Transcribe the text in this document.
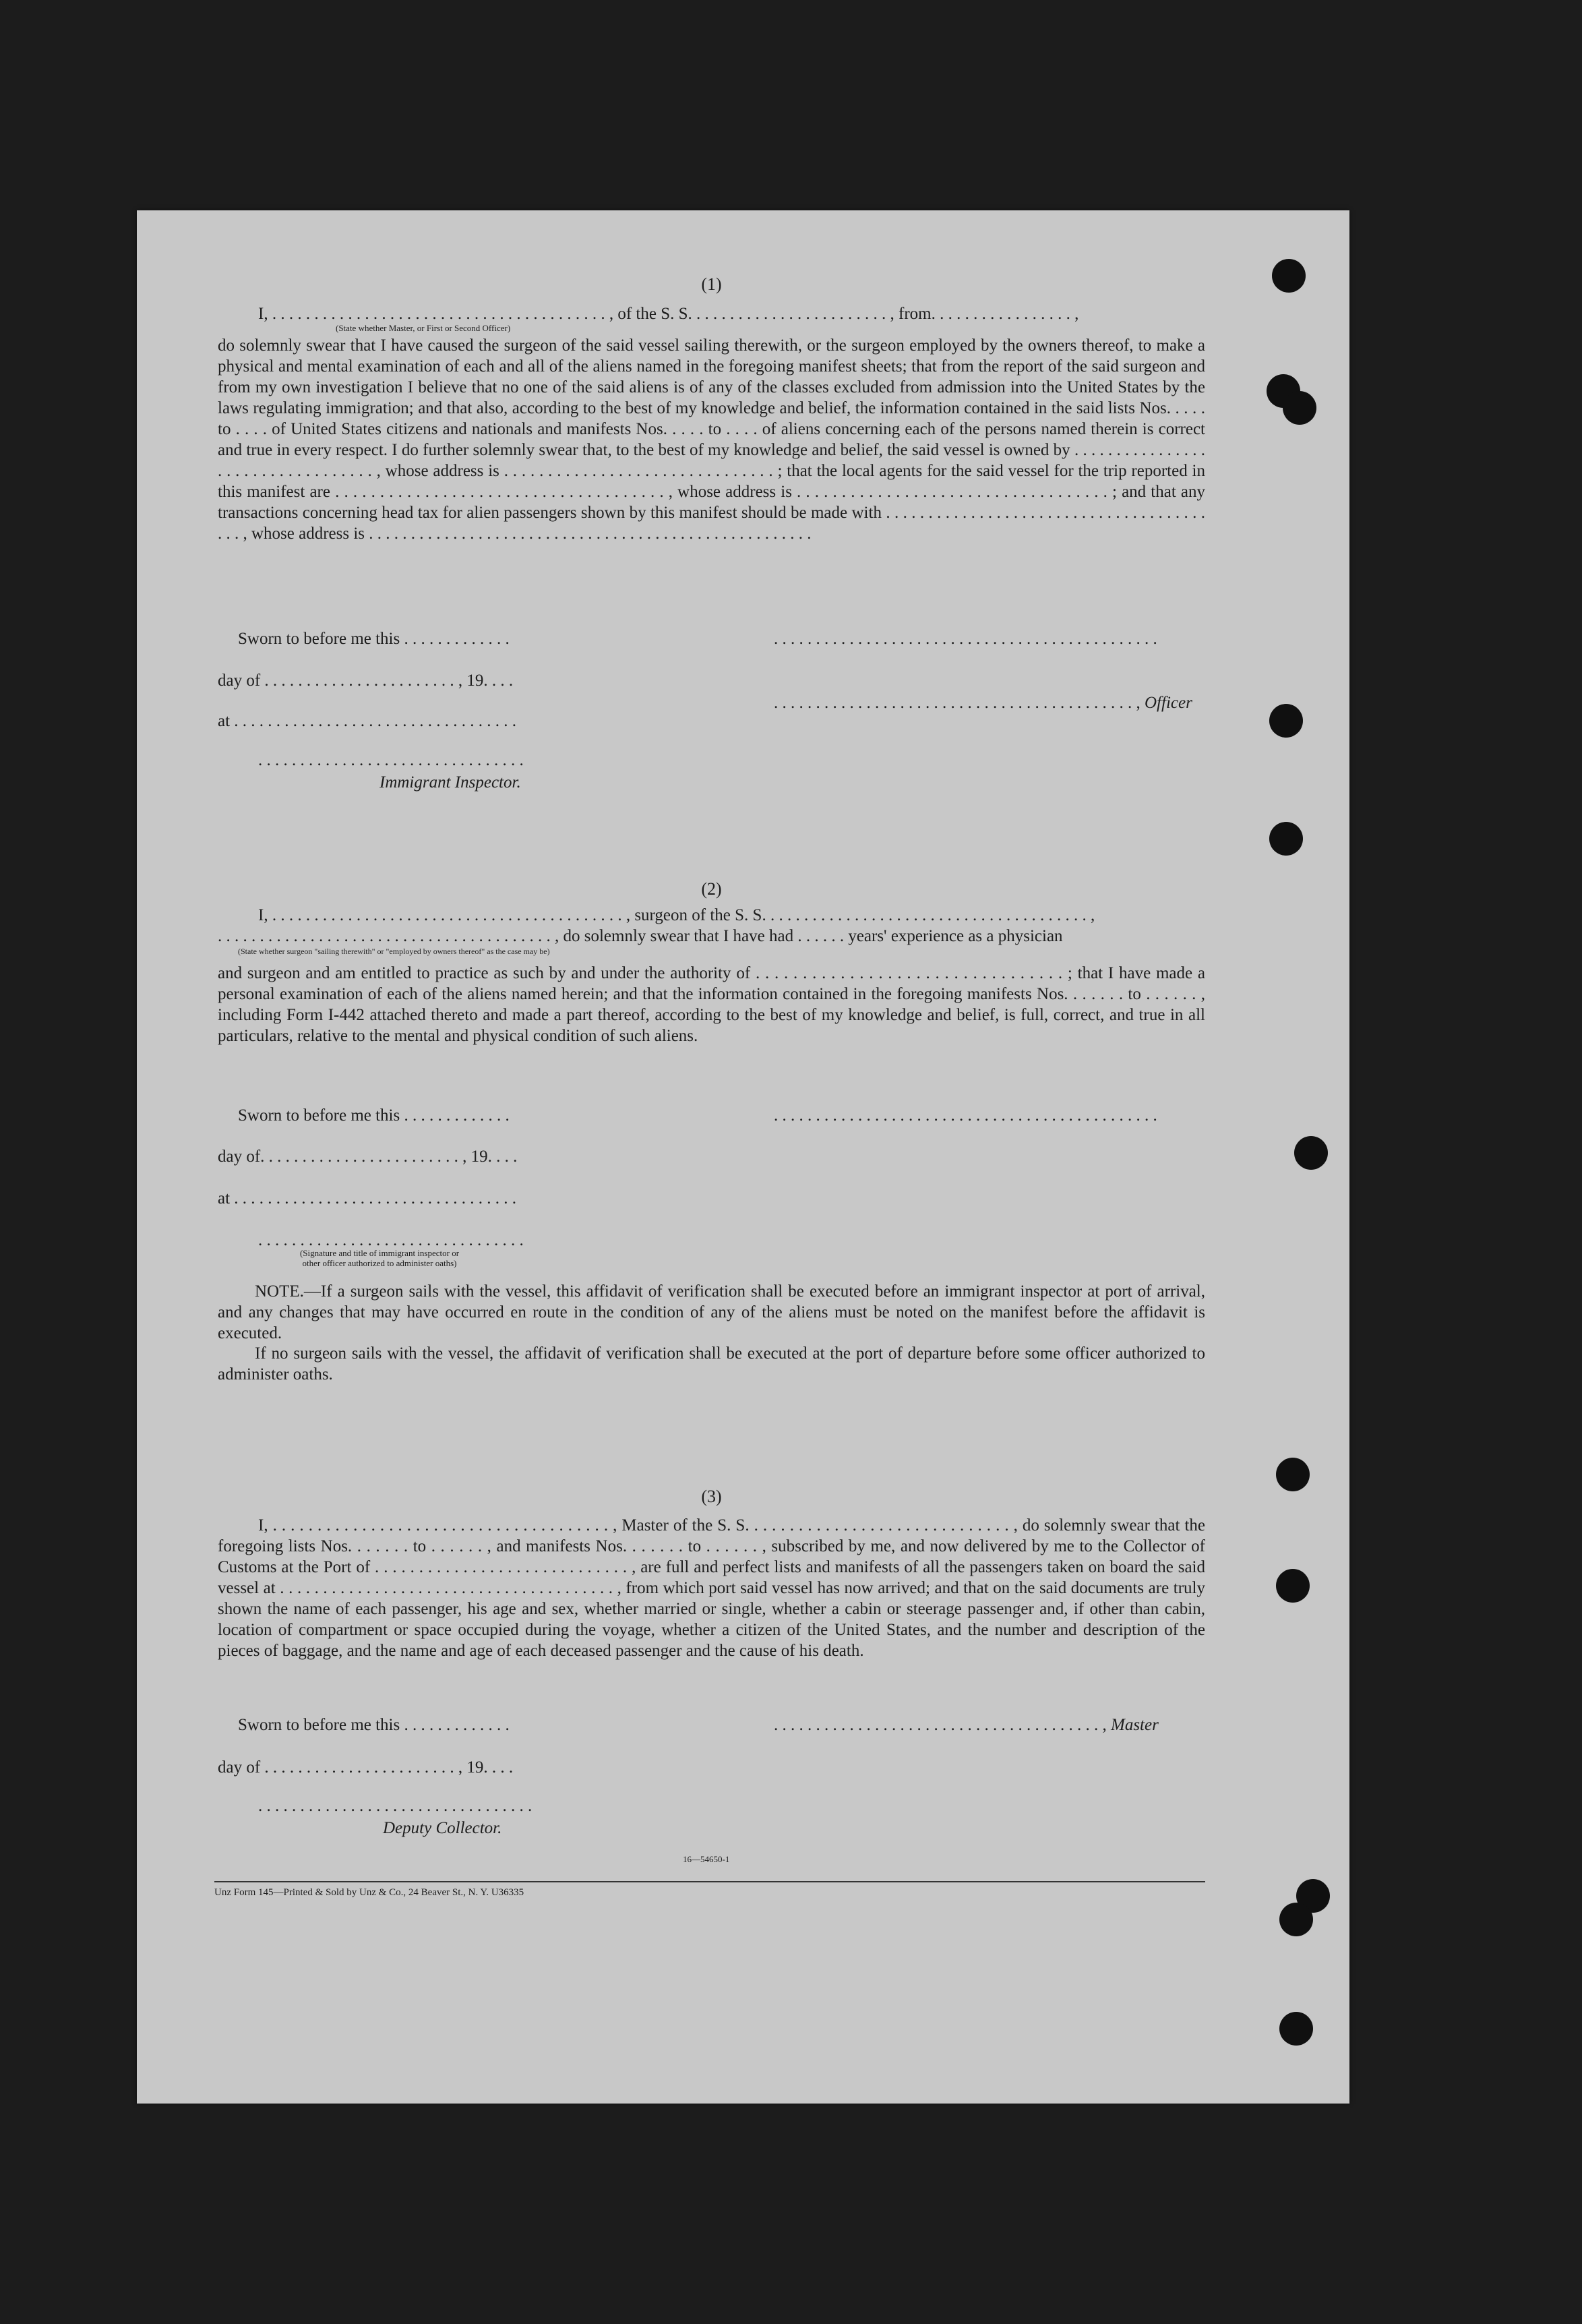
(1)
I, . . . . . . . . . . . . . . . . . . . . . . . . . . . . . . . . . . . . . . . . , of the S. S. . . . . . . . . . . . . . . . . . . . . . . . , from. . . . . . . . . . . . . . . . . ,
(State whether Master, or First or Second Officer)
do solemnly swear that I have caused the surgeon of the said vessel sailing therewith, or the surgeon employed by the owners thereof, to make a physical and mental examination of each and all of the aliens named in the foregoing manifest sheets; that from the report of the said surgeon and from my own investigation I believe that no one of the said aliens is of any of the classes excluded from admission into the United States by the laws regulating immigration; and that also, according to the best of my knowledge and belief, the information contained in the said lists Nos. . . . . to . . . . of United States citizens and nationals and manifests Nos. . . . . to . . . . of aliens concerning each of the persons named therein is correct and true in every respect. I do further solemnly swear that, to the best of my knowledge and belief, the said vessel is owned by . . . . . . . . . . . . . . . . . . . . . . . . . . . . . . . . . . , whose address is . . . . . . . . . . . . . . . . . . . . . . . . . . . . . . . ; that the local agents for the said vessel for the trip reported in this manifest are . . . . . . . . . . . . . . . . . . . . . . . . . . . . . . . . . . . . . , whose address is . . . . . . . . . . . . . . . . . . . . . . . . . . . . . . . . . . . ; and that any transactions concerning head tax for alien passengers shown by this manifest should be made with . . . . . . . . . . . . . . . . . . . . . . . . . . . . . . . . . . . . . . . . . , whose address is . . . . . . . . . . . . . . . . . . . . . . . . . . . . . . . . . . . . . . . . . . . . . . . . . . . . .
Sworn to before me this . . . . . . . . . . . . .
day of . . . . . . . . . . . . . . . . . . . . . . . , 19. . . .
at . . . . . . . . . . . . . . . . . . . . . . . . . . . . . . . . . .
. . . . . . . . . . . . . . . . . . . . . . . . . . . . . . . .
Immigrant Inspector.
. . . . . . . . . . . . . . . . . . . . . . . . . . . . . . . . . . . . . . . . . . . . . .
. . . . . . . . . . . . . . . . . . . . . . . . . . . . . . . . . . . . . . . . . . . , Officer
(2)
I, . . . . . . . . . . . . . . . . . . . . . . . . . . . . . . . . . . . . . . . . . . , surgeon of the S. S. . . . . . . . . . . . . . . . . . . . . . . . . . . . . . . . . . . . . . . ,
. . . . . . . . . . . . . . . . . . . . . . . . . . . . . . . . . . . . . . . . , do solemnly swear that I have had . . . . . . years' experience as a physician
(State whether surgeon "sailing therewith" or "employed by owners thereof" as the case may be)
and surgeon and am entitled to practice as such by and under the authority of . . . . . . . . . . . . . . . . . . . . . . . . . . . . . . . . . ; that I have made a personal examination of each of the aliens named herein; and that the information contained in the foregoing manifests Nos. . . . . . . to . . . . . . , including Form I-442 attached thereto and made a part thereof, according to the best of my knowledge and belief, is full, correct, and true in all particulars, relative to the mental and physical condition of such aliens.
Sworn to before me this . . . . . . . . . . . . .
day of. . . . . . . . . . . . . . . . . . . . . . . . , 19. . . .
at . . . . . . . . . . . . . . . . . . . . . . . . . . . . . . . . . .
. . . . . . . . . . . . . . . . . . . . . . . . . . . . . . . . . . . . . . . . . . . . . .
. . . . . . . . . . . . . . . . . . . . . . . . . . . . . . . .
(Signature and title of immigrant inspector or
other officer authorized to administer oaths)
NOTE.—If a surgeon sails with the vessel, this affidavit of verification shall be executed before an immigrant inspector at port of arrival, and any changes that may have occurred en route in the condition of any of the aliens must be noted on the manifest before the affidavit is executed.
If no surgeon sails with the vessel, the affidavit of verification shall be executed at the port of departure before some officer authorized to administer oaths.
(3)
I, . . . . . . . . . . . . . . . . . . . . . . . . . . . . . . . . . . . . . . , Master of the S. S. . . . . . . . . . . . . . . . . . . . . . . . . . . . . . , do solemnly swear that the foregoing lists Nos. . . . . . . to . . . . . . , and manifests Nos. . . . . . . to . . . . . . , subscribed by me, and now delivered by me to the Collector of Customs at the Port of . . . . . . . . . . . . . . . . . . . . . . . . . . . . . , are full and perfect lists and manifests of all the passengers taken on board the said vessel at . . . . . . . . . . . . . . . . . . . . . . . . . . . . . . . . . . . . . . . , from which port said vessel has now arrived; and that on the said documents are truly shown the name of each passenger, his age and sex, whether married or single, whether a cabin or steerage passenger and, if other than cabin, location of compartment or space occupied during the voyage, whether a citizen of the United States, and the number and description of the pieces of baggage, and the name and age of each deceased passenger and the cause of his death.
Sworn to before me this . . . . . . . . . . . . .
day of . . . . . . . . . . . . . . . . . . . . . . . , 19. . . .
. . . . . . . . . . . . . . . . . . . . . . . . . . . . . . . . .
Deputy Collector.
. . . . . . . . . . . . . . . . . . . . . . . . . . . . . . . . . . . . . . . , Master
16—54650-1
Unz Form 145—Printed & Sold by Unz & Co., 24 Beaver St., N. Y. U36335
